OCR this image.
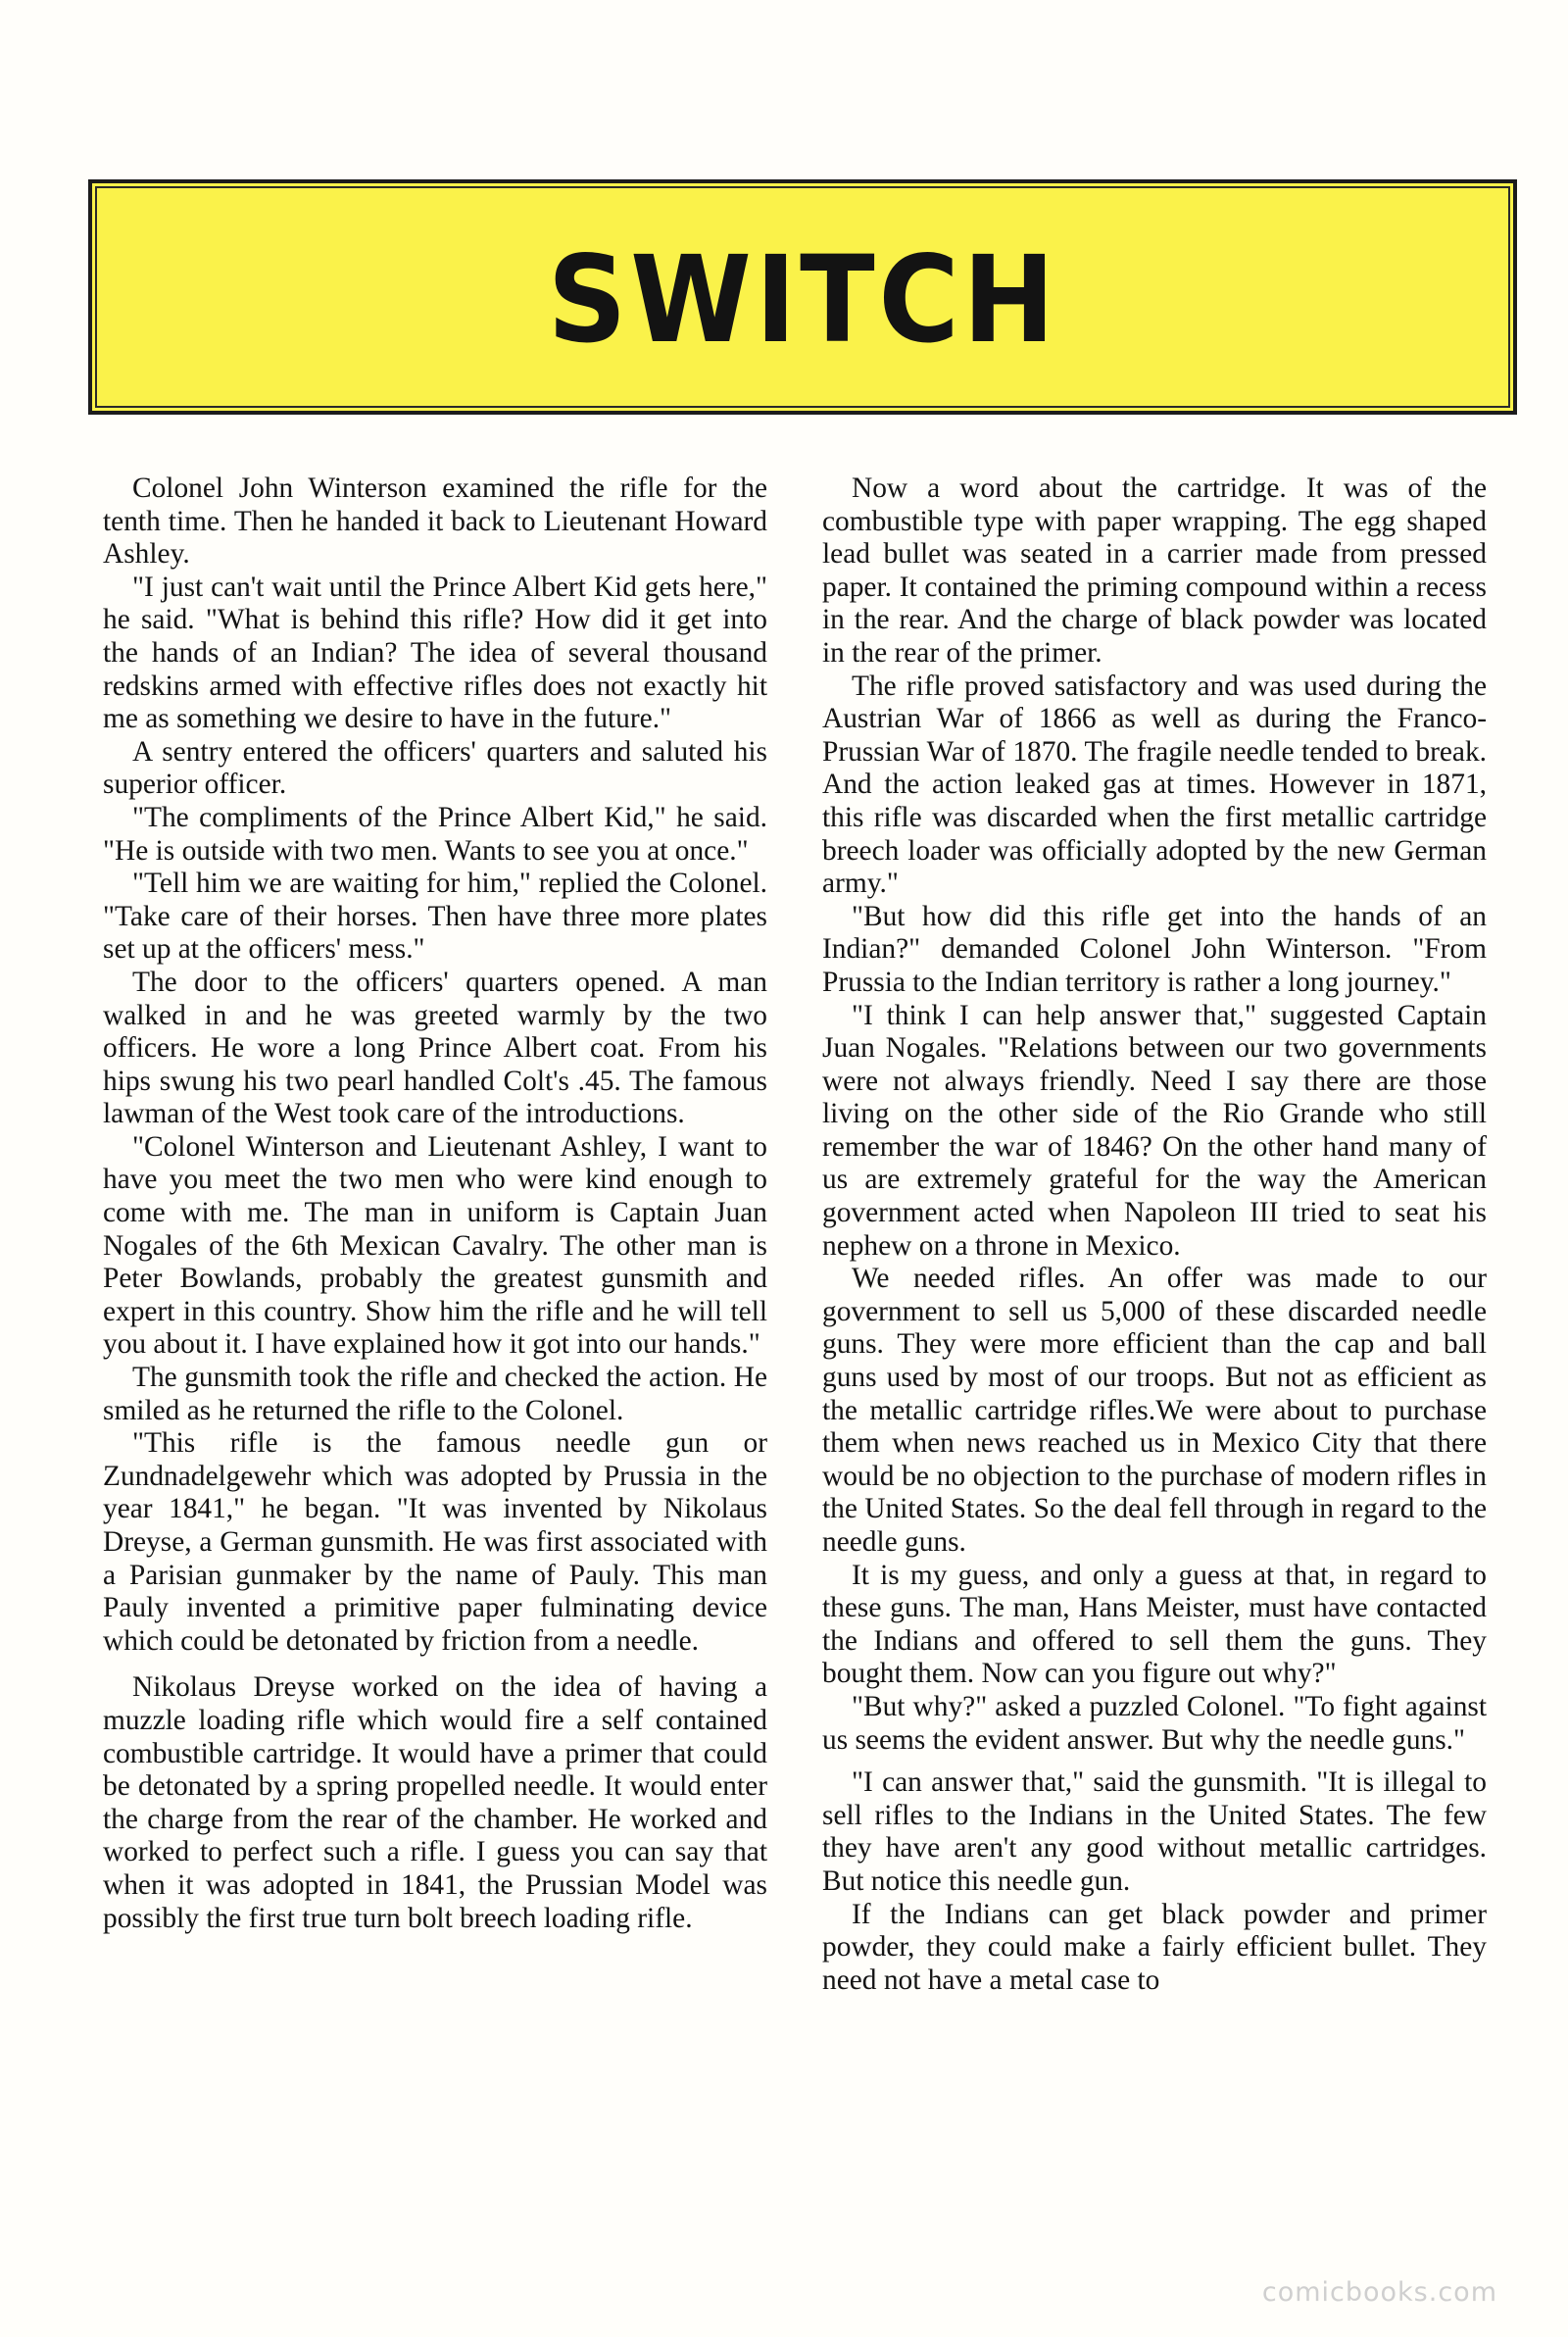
SWITCH

Colonel John Winterson examined the rifle for the tenth time. Then he handed it back to Lieutenant Howard Ashley.

"I just can't wait until the Prince Albert Kid gets here," he said. "What is behind this rifle? How did it get into the hands of an Indian? The idea of several thousand redskins armed with effective rifles does not exactly hit me as something we desire to have in the future."

A sentry entered the officers' quarters and saluted his superior officer.

"The compliments of the Prince Albert Kid," he said. "He is outside with two men. Wants to see you at once."

"Tell him we are waiting for him," replied the Colonel. "Take care of their horses. Then have three more plates set up at the officers' mess."

The door to the officers' quarters opened. A man walked in and he was greeted warmly by the two officers. He wore a long Prince Albert coat. From his hips swung his two pearl handled Colt's .45. The famous lawman of the West took care of the introductions.

"Colonel Winterson and Lieutenant Ashley, I want to have you meet the two men who were kind enough to come with me. The man in uniform is Captain Juan Nogales of the 6th Mexican Cavalry. The other man is Peter Bowlands, probably the greatest gunsmith and expert in this country. Show him the rifle and he will tell you about it. I have explained how it got into our hands."

The gunsmith took the rifle and checked the action. He smiled as he returned the rifle to the Colonel.

"This rifle is the famous needle gun or Zundnadelgewehr which was adopted by Prussia in the year 1841," he began. "It was invented by Nikolaus Dreyse, a German gunsmith. He was first associated with a Parisian gunmaker by the name of Pauly. This man Pauly invented a primitive paper fulminating device which could be detonated by friction from a needle.

Nikolaus Dreyse worked on the idea of having a muzzle loading rifle which would fire a self contained combustible cartridge. It would have a primer that could be detonated by a spring propelled needle. It would enter the charge from the rear of the chamber. He worked and worked to perfect such a rifle. I guess you can say that when it was adopted in 1841, the Prussian Model was possibly the first true turn bolt breech loading rifle.

Now a word about the cartridge. It was of the combustible type with paper wrapping. The egg shaped lead bullet was seated in a carrier made from pressed paper. It contained the priming compound within a recess in the rear. And the charge of black powder was located in the rear of the primer.

The rifle proved satisfactory and was used during the Austrian War of 1866 as well as during the Franco-Prussian War of 1870. The fragile needle tended to break. And the action leaked gas at times. However in 1871, this rifle was discarded when the first metallic cartridge breech loader was officially adopted by the new German army."

"But how did this rifle get into the hands of an Indian?" demanded Colonel John Winterson. "From Prussia to the Indian territory is rather a long journey."

"I think I can help answer that," suggested Captain Juan Nogales. "Relations between our two governments were not always friendly. Need I say there are those living on the other side of the Rio Grande who still remember the war of 1846? On the other hand many of us are extremely grateful for the way the American government acted when Napoleon III tried to seat his nephew on a throne in Mexico.

We needed rifles. An offer was made to our government to sell us 5,000 of these discarded needle guns. They were more efficient than the cap and ball guns used by most of our troops. But not as efficient as the metallic cartridge rifles.We were about to purchase them when news reached us in Mexico City that there would be no objection to the purchase of modern rifles in the United States. So the deal fell through in regard to the needle guns.

It is my guess, and only a guess at that, in regard to these guns. The man, Hans Meister, must have contacted the Indians and offered to sell them the guns. They bought them. Now can you figure out why?"

"But why?" asked a puzzled Colonel. "To fight against us seems the evident answer. But why the needle guns."

"I can answer that," said the gunsmith. "It is illegal to sell rifles to the Indians in the United States. The few they have aren't any good without metallic cartridges. But notice this needle gun.

If the Indians can get black powder and primer powder, they could make a fairly efficient bullet. They need not have a metal case to

comicbooks.com
